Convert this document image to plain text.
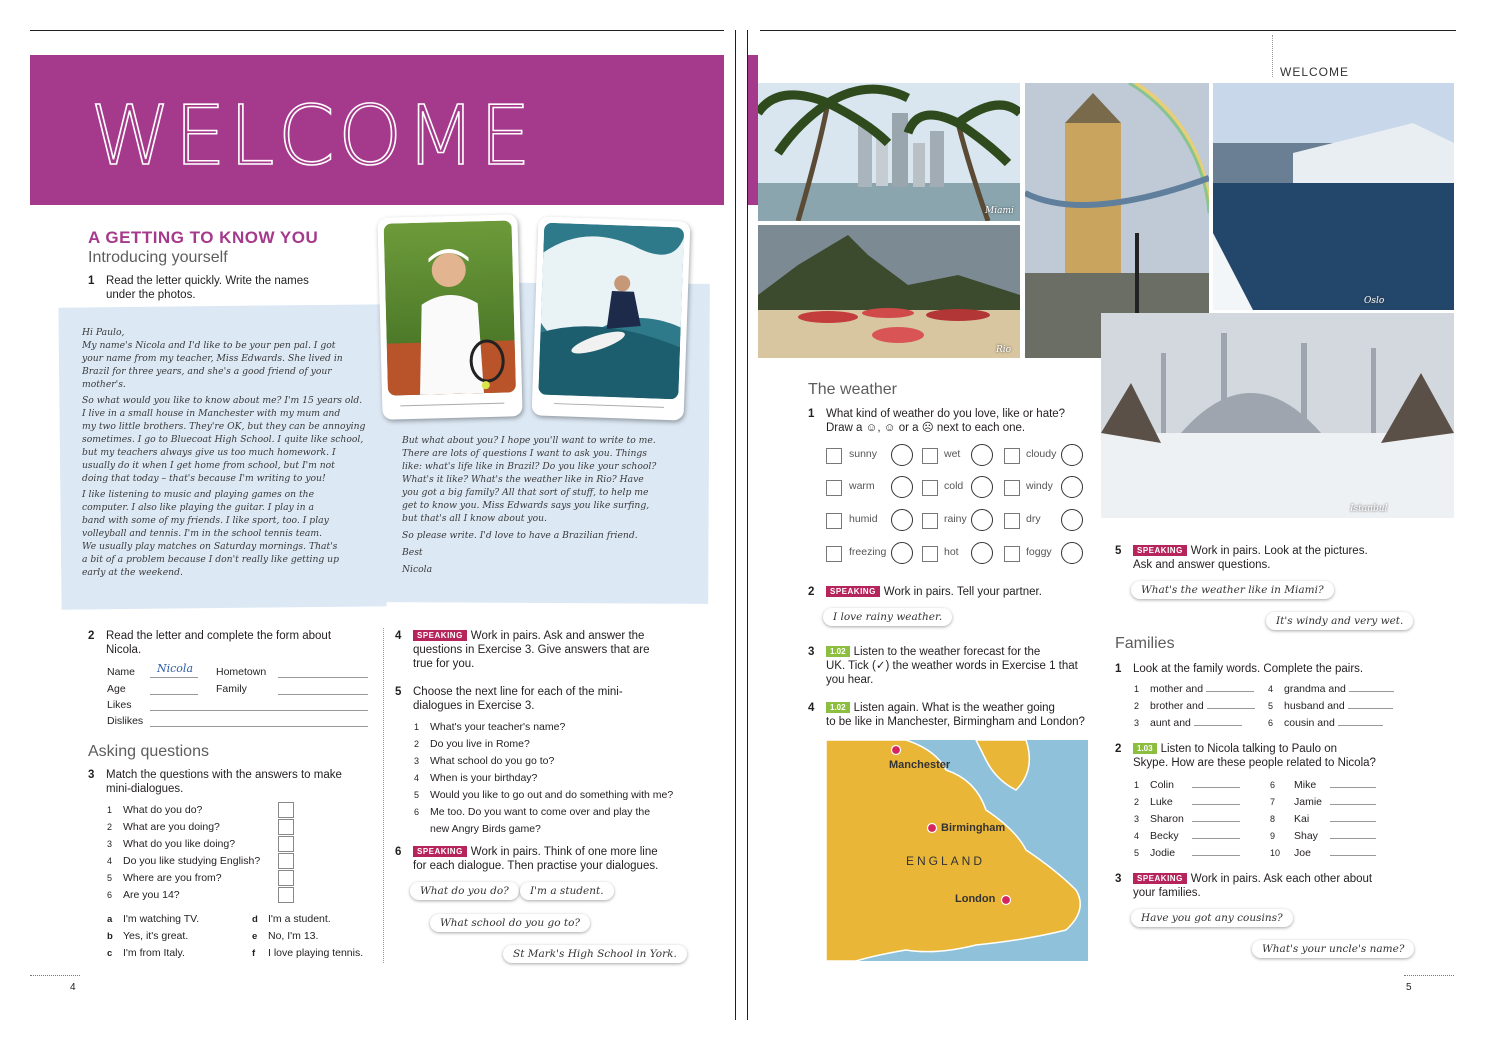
WELCOME
A GETTING TO KNOW YOU
Introducing yourself
1 Read the letter quickly. Write the names
under the photos.
Hi Paulo,
My name's Nicola and I'd like to be your pen pal. I got
your name from my teacher, Miss Edwards. She lived in
Brazil for three years, and she's a good friend of your
mother's.
So what would you like to know about me? I'm 15 years old.
I live in a small house in Manchester with my mum and
my two little brothers. They're OK, but they can be annoying
sometimes. I go to Bluecoat High School. I quite like school,
but my teachers always give us too much homework. I
usually do it when I get home from school, but I'm not
doing that today – that's because I'm writing to you!
I like listening to music and playing games on the
computer. I also like playing the guitar. I play in a
band with some of my friends. I like sport, too. I play
volleyball and tennis. I'm in the school tennis team.
We usually play matches on Saturday mornings. That's
a bit of a problem because I don't really like getting up
early at the weekend.
But what about you? I hope you'll want to write to me.
There are lots of questions I want to ask you. Things
like: what's life like in Brazil? Do you like your school?
What's it like? What's the weather like in Rio? Have
you got a big family? All that sort of stuff, to help me
get to know you. Miss Edwards says you like surfing,
but that's all I know about you.
So please write. I'd love to have a Brazilian friend.
Best
Nicola
2 Read the letter and complete the form about
Nicola.
Name Nicola Hometown
Age	Family
Likes
Dislikes
Asking questions
3 Match the questions with the answers to make
mini-dialogues.
1 What do you do?
2 What are you doing?
3 What do you like doing?
4 Do you like studying English?
5 Where are you from?
6 Are you 14?
a I'm watching TV.
b Yes, it's great.
c I'm from Italy.
d I'm a student.
e No, I'm 13.
f I love playing tennis.
4 SPEAKING Work in pairs. Ask and answer the
questions in Exercise 3. Give answers that are
true for you.
5 Choose the next line for each of the mini-
dialogues in Exercise 3.
1 What's your teacher's name?
2 Do you live in Rome?
3 What school do you go to?
4 When is your birthday?
5 Would you like to go out and do something with me?
6 Me too. Do you want to come over and play the
new Angry Birds game?
6 SPEAKING Work in pairs. Think of one more line
for each dialogue. Then practise your dialogues.
What do you do?	I'm a student.
What school do you go to?
St Mark's High School in York.
4
WELCOME
Miami
Rio
Oslo
Istanbul
The weather
1 What kind of weather do you love, like or hate?
Draw a ☺, ☺ or a ☹ next to each one.
sunny	wet	cloudy
warm	cold	windy
humid	rainy	dry
freezing	hot	foggy
2 SPEAKING Work in pairs. Tell your partner.
I love rainy weather.
3 1.02 Listen to the weather forecast for the
UK. Tick (✓) the weather words in Exercise 1 that
you hear.
4 1.02 Listen again. What is the weather going
to be like in Manchester, Birmingham and London?
Manchester
Birmingham
ENGLAND
London
5 SPEAKING Work in pairs. Look at the pictures.
Ask and answer questions.
What's the weather like in Miami?
It's windy and very wet.
Families
1 Look at the family words. Complete the pairs.
1 mother and
2 brother and
3 aunt and
4 grandma and
5 husband and
6 cousin and
2 1.03 Listen to Nicola talking to Paulo on
Skype. How are these people related to Nicola?
1 Colin
2 Luke
3 Sharon
4 Becky
5 Jodie
6 Mike
7 Jamie
8 Kai
9 Shay
10 Joe
3 SPEAKING Work in pairs. Ask each other about
your families.
Have you got any cousins?
What's your uncle's name?
5
